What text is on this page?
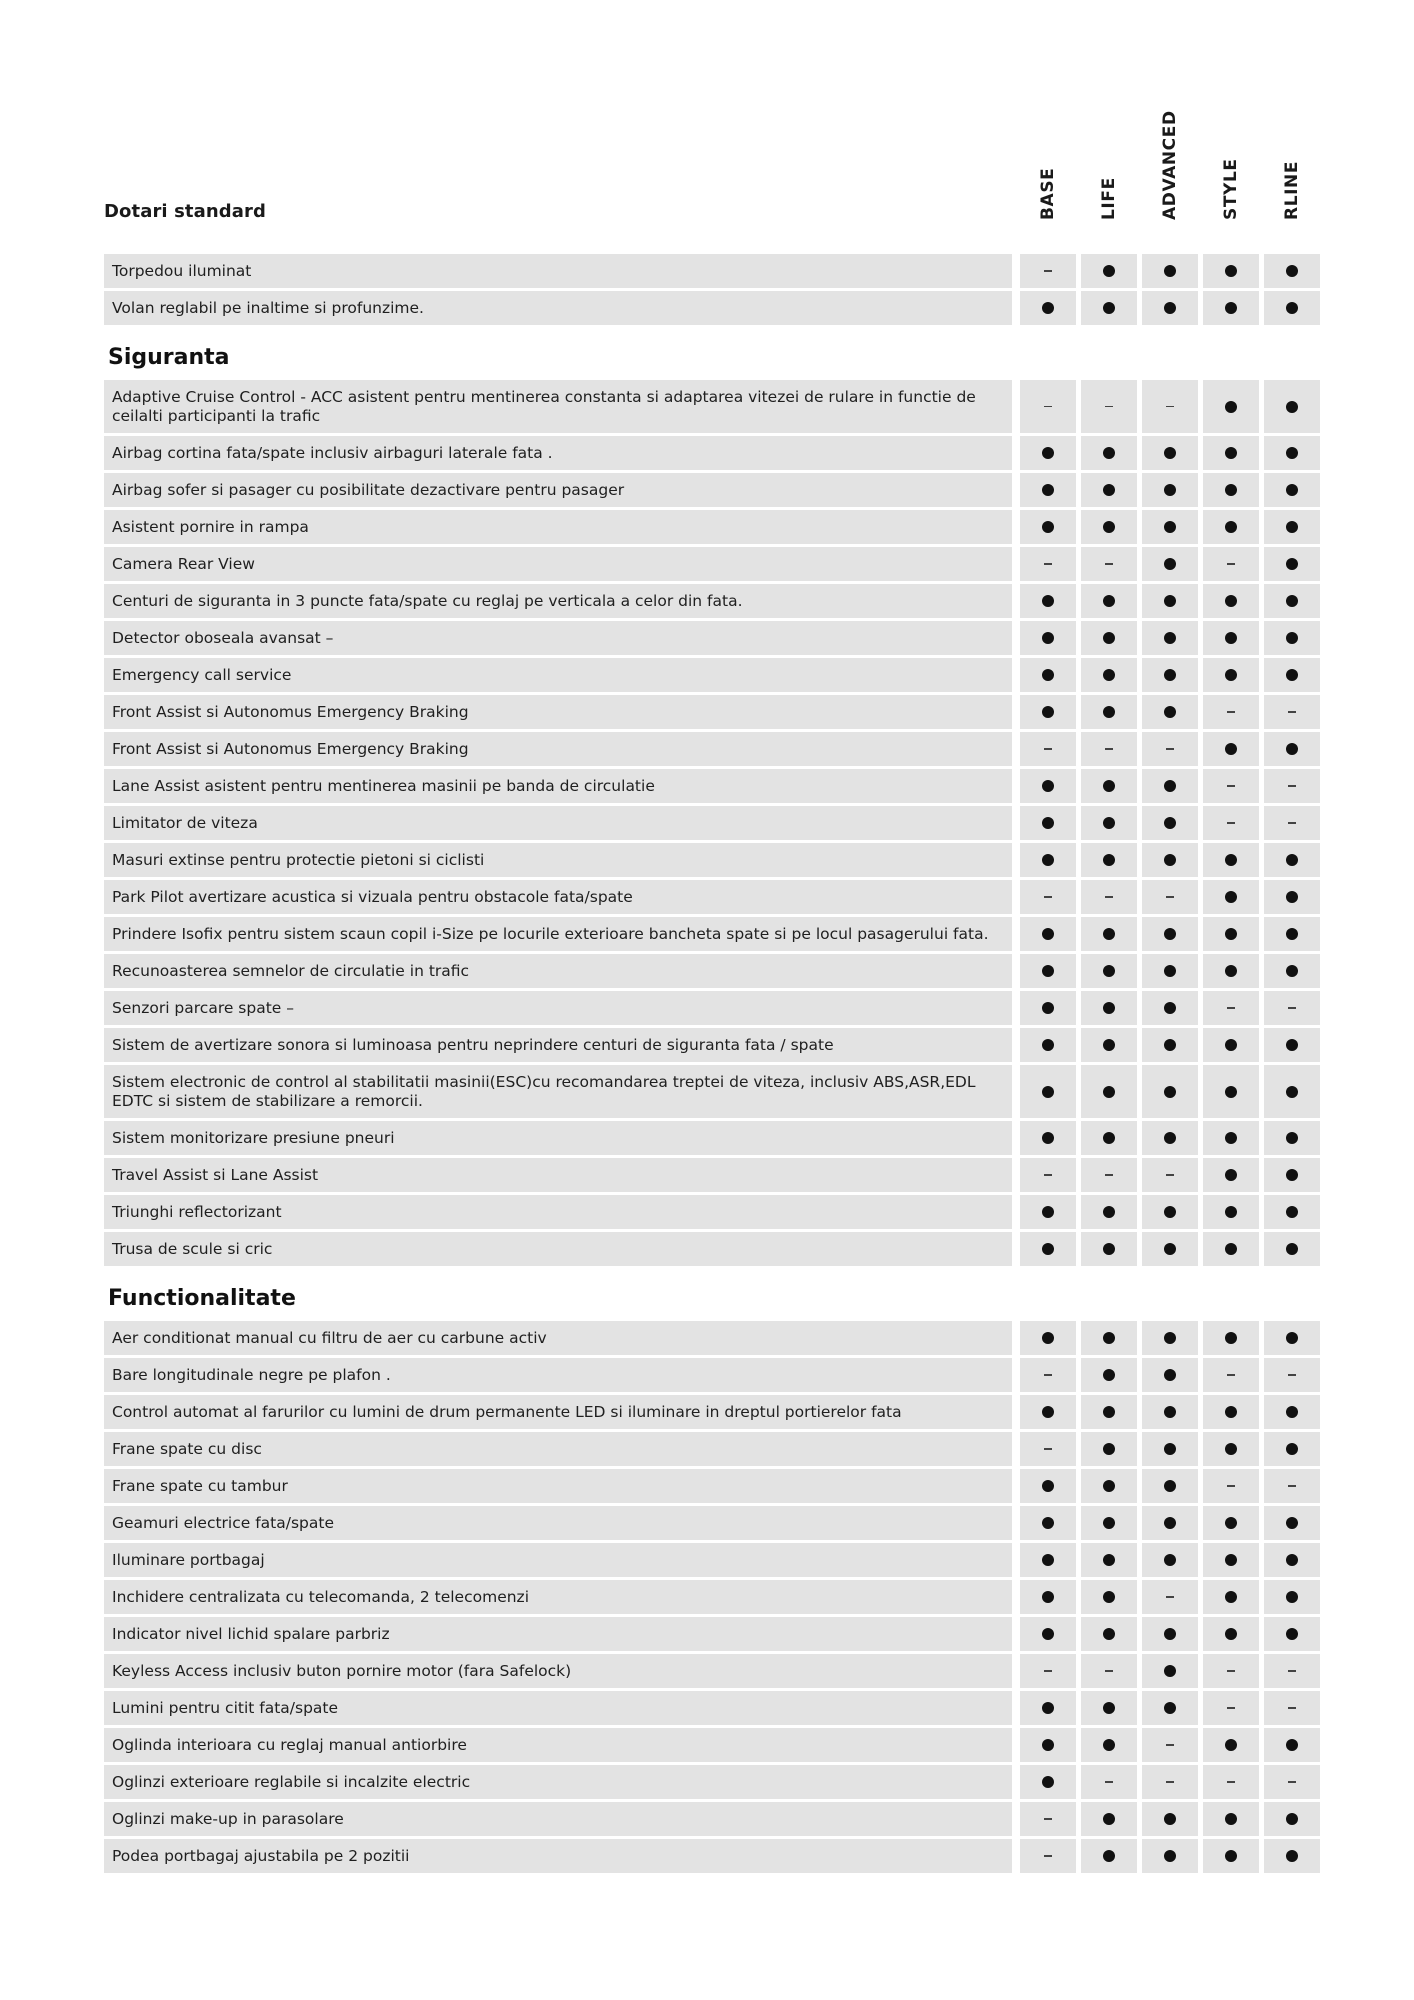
Dotari standard	BASE LIFE ADVANCED STYLE RLINE
Torpedou iluminat
Volan reglabil pe inaltime si profunzime.
Siguranta
Adaptive Cruise Control - ACC asistent pentru mentinerea constanta si adaptarea vitezei de rulare in functie de ceilalti participanti la trafic
Airbag cortina fata/spate inclusiv airbaguri laterale fata .
Airbag sofer si pasager cu posibilitate dezactivare pentru pasager
Asistent pornire in rampa
Camera Rear View
Centuri de siguranta in 3 puncte fata/spate cu reglaj pe verticala a celor din fata.
Detector oboseala avansat –
Emergency call service
Front Assist si Autonomus Emergency Braking
Front Assist si Autonomus Emergency Braking
Lane Assist asistent pentru mentinerea masinii pe banda de circulatie
Limitator de viteza
Masuri extinse pentru protectie pietoni si ciclisti
Park Pilot avertizare acustica si vizuala pentru obstacole fata/spate
Prindere Isofix pentru sistem scaun copil i-Size pe locurile exterioare bancheta spate si pe locul pasagerului fata.
Recunoasterea semnelor de circulatie in trafic
Senzori parcare spate –
Sistem de avertizare sonora si luminoasa pentru neprindere centuri de siguranta fata / spate
Sistem electronic de control al stabilitatii masinii(ESC)cu recomandarea treptei de viteza, inclusiv ABS,ASR,EDL EDTC si sistem de stabilizare a remorcii.
Sistem monitorizare presiune pneuri
Travel Assist si Lane Assist
Triunghi reflectorizant
Trusa de scule si cric
Functionalitate
Aer conditionat manual cu filtru de aer cu carbune activ
Bare longitudinale negre pe plafon .
Control automat al farurilor cu lumini de drum permanente LED si iluminare in dreptul portierelor fata
Frane spate cu disc
Frane spate cu tambur
Geamuri electrice fata/spate
Iluminare portbagaj
Inchidere centralizata cu telecomanda, 2 telecomenzi
Indicator nivel lichid spalare parbriz
Keyless Access inclusiv buton pornire motor (fara Safelock)
Lumini pentru citit fata/spate
Oglinda interioara cu reglaj manual antiorbire
Oglinzi exterioare reglabile si incalzite electric
Oglinzi make-up in parasolare
Podea portbagaj ajustabila pe 2 pozitii
